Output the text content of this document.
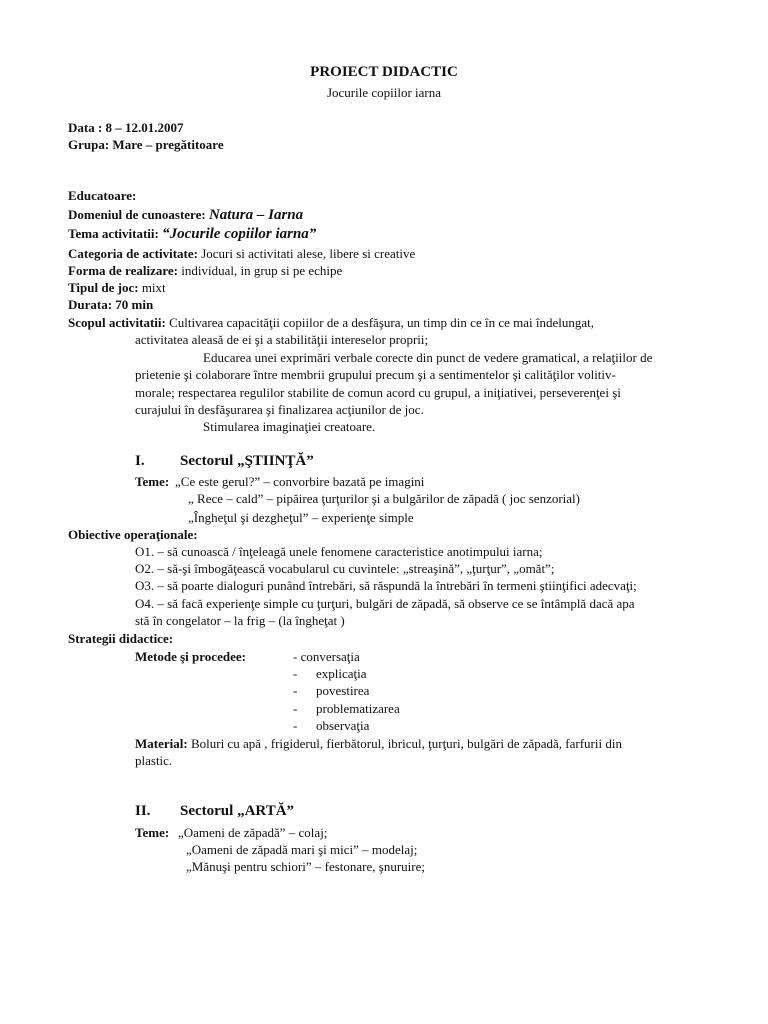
PROIECT DIDACTIC
Jocurile copiilor iarna
Data : 8 – 12.01.2007
Grupa: Mare – pregătitoare
Educatoare:
Domeniul de cunoastere: Natura – Iarna
Tema activitatii: “Jocurile copiilor iarna”
Categoria de activitate: Jocuri si activitati alese, libere si creative
Forma de realizare: individual, in grup si pe echipe
Tipul de joc: mixt
Durata: 70 min
Scopul activitatii: Cultivarea capacităţii copiilor de a desfăşura, un timp din ce în ce mai îndelungat,
activitatea aleasă de ei şi a stabilităţii intereselor proprii;
Educarea unei exprimări verbale corecte din punct de vedere gramatical, a relaţiilor de
prietenie şi colaborare între membrii grupului precum şi a sentimentelor şi calităţilor volitiv-
morale; respectarea regulilor stabilite de comun acord cu grupul, a iniţiativei, perseverenţei şi
curajului în desfăşurarea şi finalizarea acţiunilor de joc.
Stimularea imaginaţiei creatoare.
I. Sectorul „ŞTIINŢĂ”
Teme: „Ce este gerul?” – convorbire bazată pe imagini
„ Rece – cald” – pipăirea ţurţurilor şi a bulgărilor de zăpadă ( joc senzorial)
„Îngheţul şi dezgheţul” – experienţe simple
Obiective operaţionale:
O1. – să cunoască / înţeleagă unele fenomene caracteristice anotimpului iarna;
O2. – să-şi îmbogăţească vocabularul cu cuvintele: „streaşină”, „ţurţur”, „omăt”;
O3. – să poarte dialoguri punând întrebări, să răspundă la întrebări în termeni ştiinţifici adecvaţi;
O4. – să facă experienţe simple cu ţurţuri, bulgări de zăpadă, să observe ce se întâmplă dacă apa
stă în congelator – la frig – (la îngheţat )
Strategii didactice:
Metode şi procedee:	- conversaţia
- explicaţia
- povestirea
- problematizarea
- observaţia
Material: Boluri cu apă , frigiderul, fierbătorul, ibricul, ţurţuri, bulgări de zăpadă, farfurii din
plastic.
II. Sectorul „ARTĂ”
Teme: „Oameni de zăpadă” – colaj;
„Oameni de zăpadă mari şi mici” – modelaj;
„Mănuşi pentru schiori” – festonare, şnuruire;
